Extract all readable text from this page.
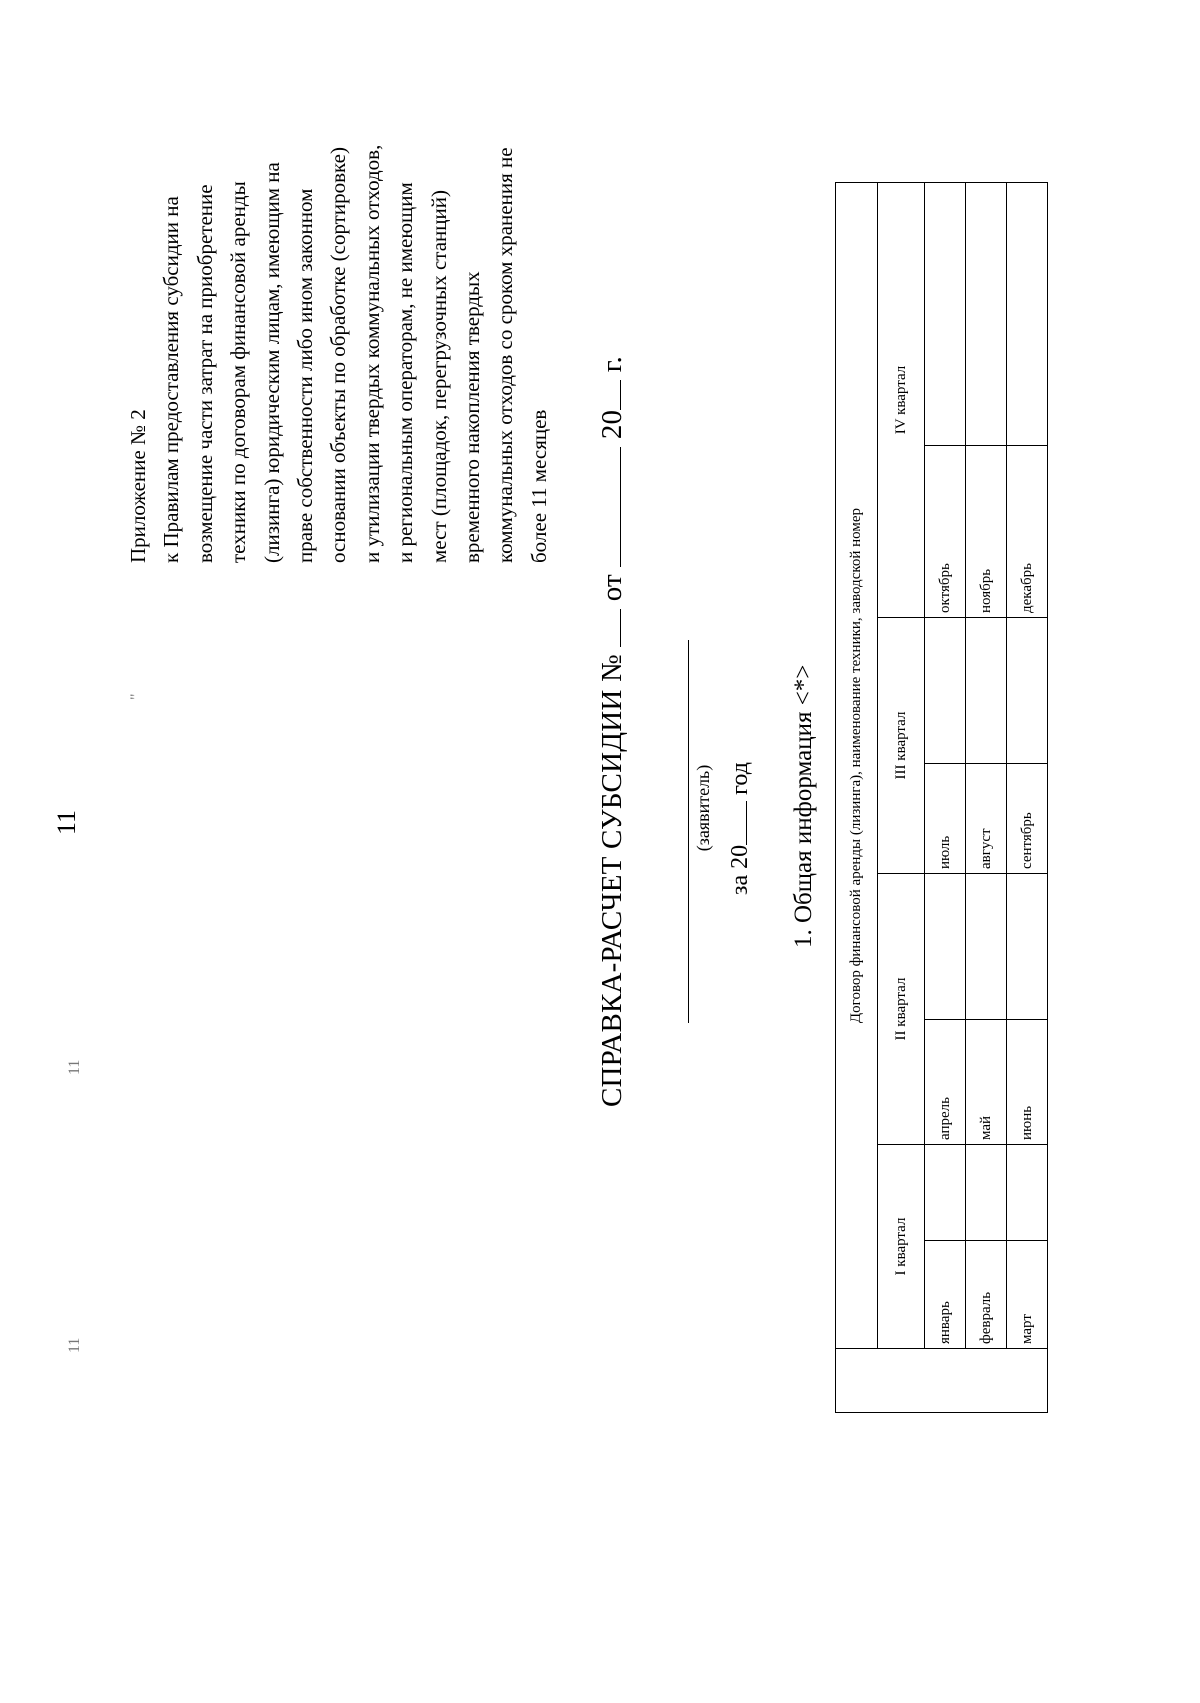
11
11
11
"
Приложение № 2 к Правилам предоставления субсидии на возмещение части затрат на приобретение техники по договорам финансовой аренды (лизинга) юридическим лицам, имеющим на праве собственности либо ином законном основании объекты по обработке (сортировке) и утилизации твердых коммунальных отходов, и региональным операторам, не имеющим мест (площадок, перегрузочных станций) временного накопления твердых коммунальных отходов со сроком хранения не более 11 месяцев
СПРАВКА-РАСЧЕТ СУБСИДИИ №  от  20 г.
(заявитель)
за 20 год 1. Общая информация <*>
	Договор финансовой аренды (лизинга), наименование техники, заводской номер							
	I квартал		II квартал		III квартал		IV квартал	
	январь		апрель		июль		октябрь	
	февраль		май		август		ноябрь	
	март		июнь		сентябрь		декабрь	
